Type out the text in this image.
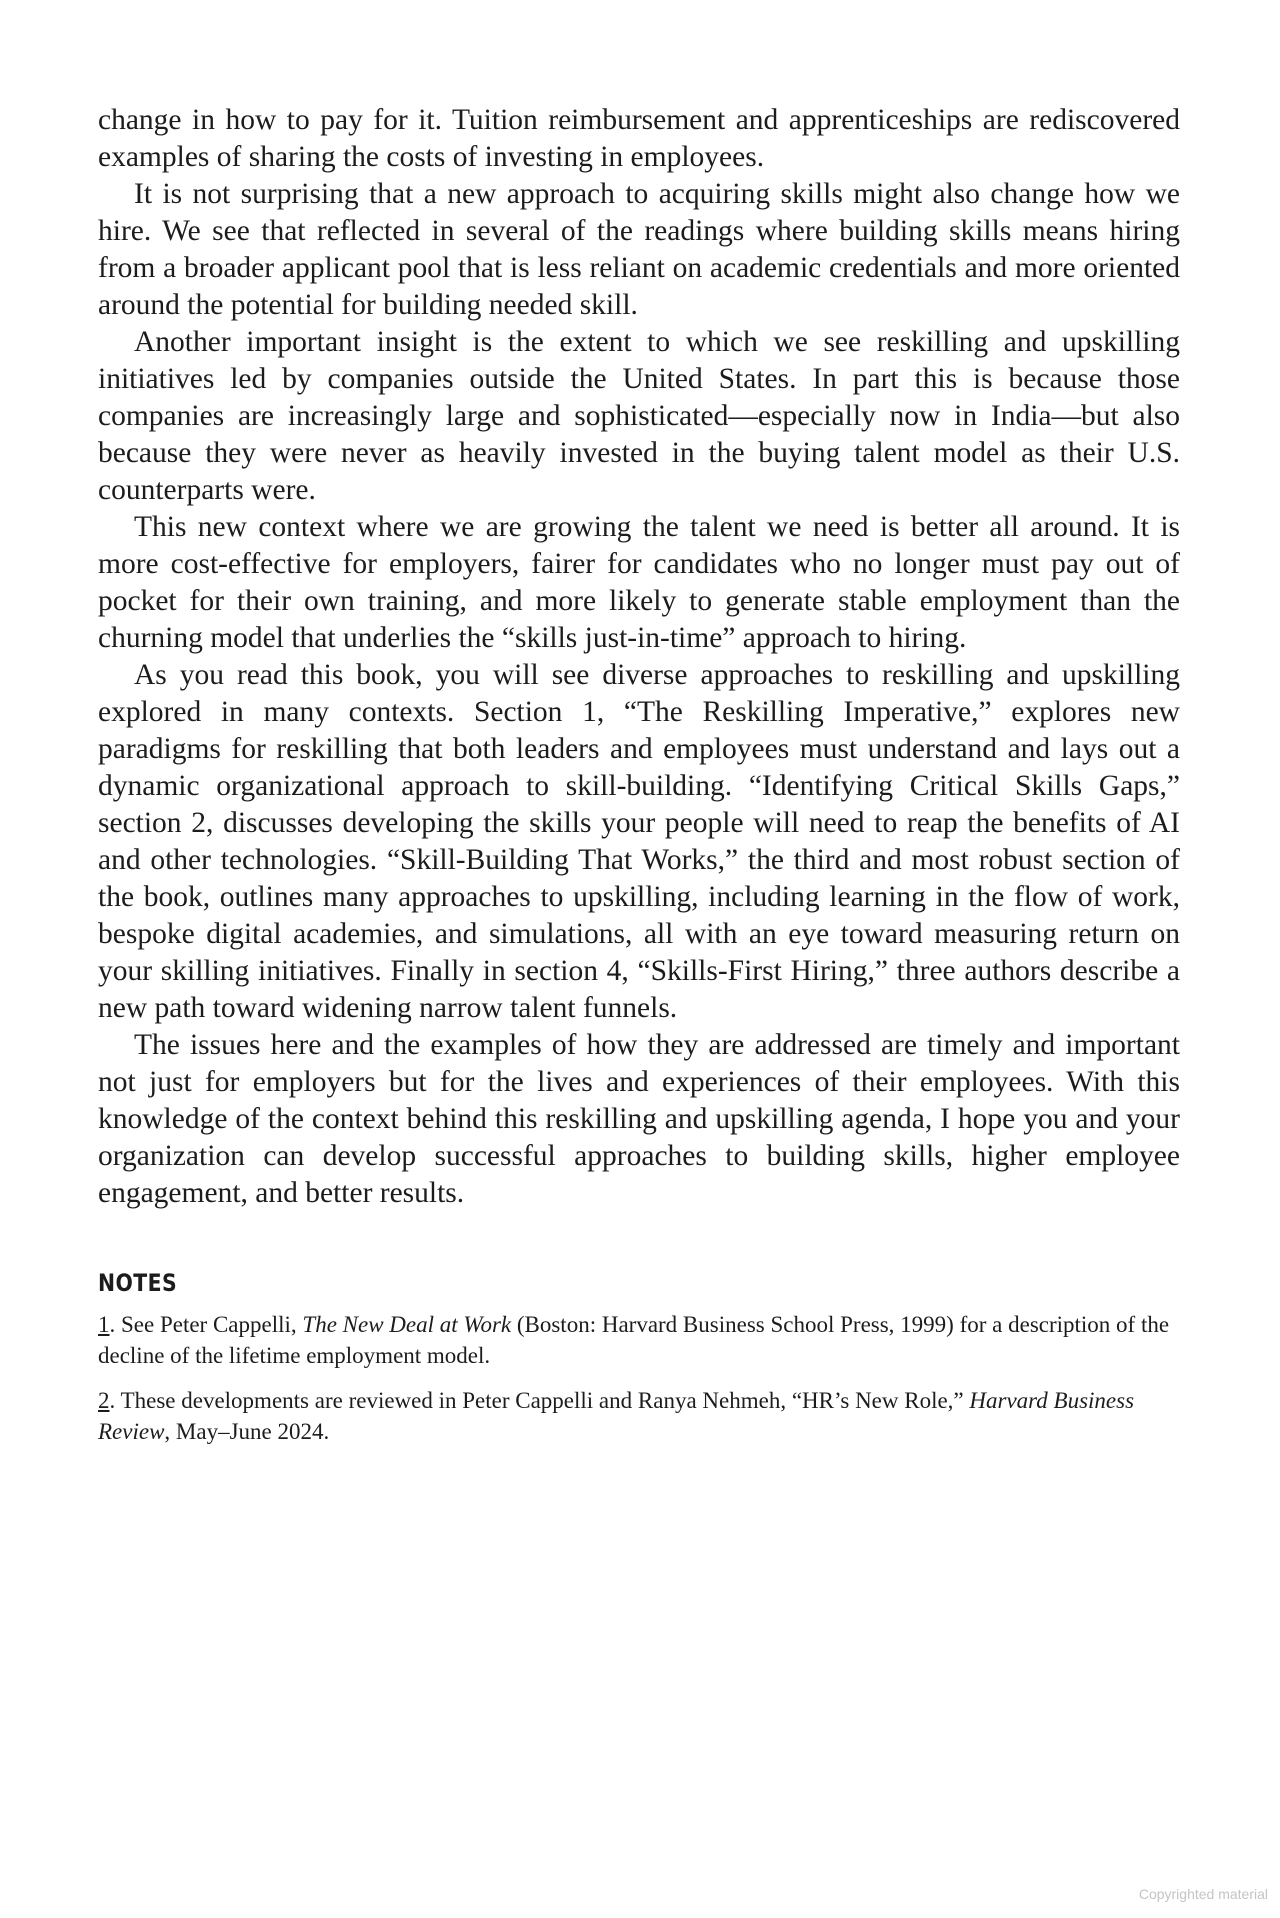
change in how to pay for it. Tuition reimbursement and apprenticeships are rediscovered examples of sharing the costs of investing in employees.

It is not surprising that a new approach to acquiring skills might also change how we hire. We see that reflected in several of the readings where building skills means hiring from a broader applicant pool that is less reliant on academic credentials and more oriented around the potential for building needed skill.

Another important insight is the extent to which we see reskilling and upskilling initiatives led by companies outside the United States. In part this is because those companies are increasingly large and sophisticated—especially now in India—but also because they were never as heavily invested in the buying talent model as their U.S. counterparts were.

This new context where we are growing the talent we need is better all around. It is more cost-effective for employers, fairer for candidates who no longer must pay out of pocket for their own training, and more likely to generate stable employment than the churning model that underlies the “skills just-in-time” approach to hiring.

As you read this book, you will see diverse approaches to reskilling and upskilling explored in many contexts. Section 1, “The Reskilling Imperative,” explores new paradigms for reskilling that both leaders and employees must understand and lays out a dynamic organizational approach to skill-building. “Identifying Critical Skills Gaps,” section 2, discusses developing the skills your people will need to reap the benefits of AI and other technologies. “Skill-Building That Works,” the third and most robust section of the book, outlines many approaches to upskilling, including learning in the flow of work, bespoke digital academies, and simulations, all with an eye toward measuring return on your skilling initiatives. Finally in section 4, “Skills-First Hiring,” three authors describe a new path toward widening narrow talent funnels.

The issues here and the examples of how they are addressed are timely and important not just for employers but for the lives and experiences of their employees. With this knowledge of the context behind this reskilling and upskilling agenda, I hope you and your organization can develop successful approaches to building skills, higher employee engagement, and better results.

NOTES

1. See Peter Cappelli, The New Deal at Work (Boston: Harvard Business School Press, 1999) for a description of the decline of the lifetime employment model.

2. These developments are reviewed in Peter Cappelli and Ranya Nehmeh, “HR’s New Role,” Harvard Business Review, May–June 2024.

Copyrighted material
